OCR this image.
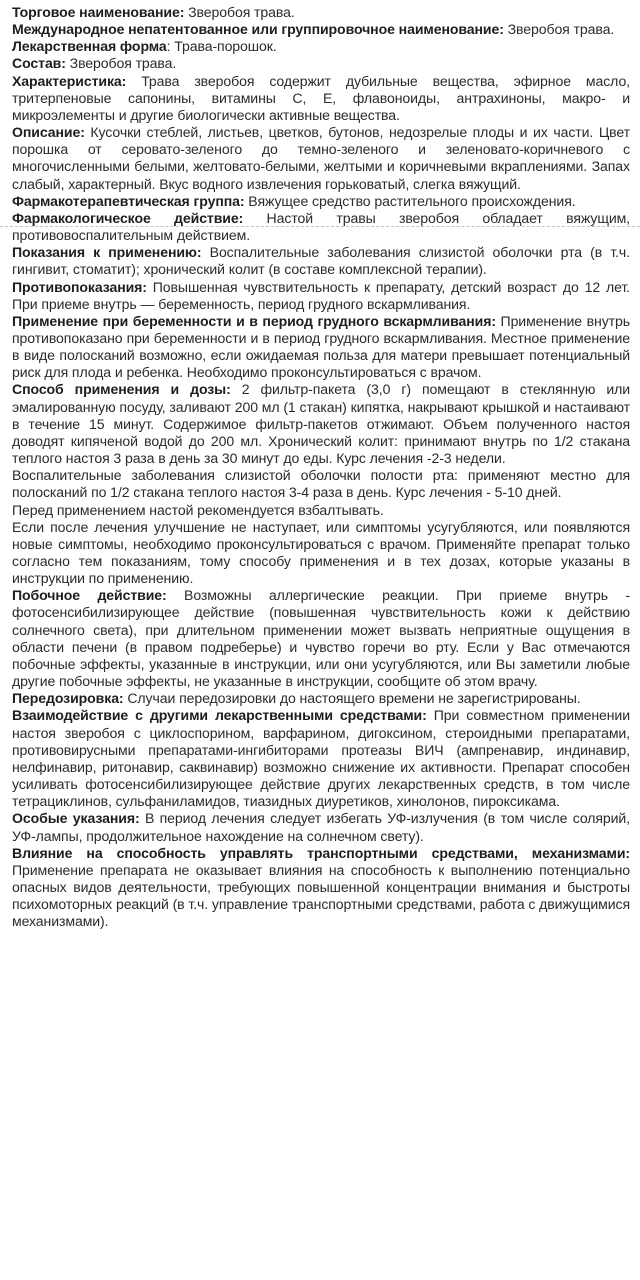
Торговое наименование: Зверобоя трава.

Международное непатентованное или группировочное наименование: Зверобоя трава.

Лекарственная форма: Трава-порошок.

Состав: Зверобоя трава.

Характеристика: Трава зверобоя содержит дубильные вещества, эфирное масло, тритерпеновые сапонины, витамины С, Е, флавоноиды, антрахиноны, макро- и микроэлементы и другие биологически активные вещества.

Описание: Кусочки стеблей, листьев, цветков, бутонов, недозрелые плоды и их части. Цвет порошка от серовато-зеленого до темно-зеленого и зеленовато-коричневого с многочисленными белыми, желтовато-белыми, желтыми и коричневыми вкраплениями. Запах слабый, характерный. Вкус водного извлечения горьковатый, слегка вяжущий.

Фармакотерапевтическая группа: Вяжущее средство растительного происхождения.

Фармакологическое действие: Настой травы зверобоя обладает вяжущим, противовоспалительным действием.

Показания к применению: Воспалительные заболевания слизистой оболочки рта (в т.ч. гингивит, стоматит); хронический колит (в составе комплексной терапии).

Противопоказания: Повышенная чувствительность к препарату, детский возраст до 12 лет. При приеме внутрь — беременность, период грудного вскармливания.

Применение при беременности и в период грудного вскармливания: Применение внутрь противопоказано при беременности и в период грудного вскармливания. Местное применение в виде полосканий возможно, если ожидаемая польза для матери превышает потенциальный риск для плода и ребенка. Необходимо проконсультироваться с врачом.

Способ применения и дозы: 2 фильтр-пакета (3,0 г) помещают в стеклянную или эмалированную посуду, заливают 200 мл (1 стакан) кипятка, накрывают крышкой и настаивают в течение 15 минут. Содержимое фильтр-пакетов отжимают. Объем полученного настоя доводят кипяченой водой до 200 мл. Хронический колит: принимают внутрь по 1/2 стакана теплого настоя 3 раза в день за 30 минут до еды. Курс лечения -2-3 недели.

Воспалительные заболевания слизистой оболочки полости рта: применяют местно для полосканий по 1/2 стакана теплого настоя 3-4 раза в день. Курс лечения - 5-10 дней.

Перед применением настой рекомендуется взбалтывать.

Если после лечения улучшение не наступает, или симптомы усугубляются, или появляются новые симптомы, необходимо проконсультироваться с врачом. Применяйте препарат только согласно тем показаниям, тому способу применения и в тех дозах, которые указаны в инструкции по применению.

Побочное действие: Возможны аллергические реакции. При приеме внутрь - фотосенсибилизирующее действие (повышенная чувствительность кожи к действию солнечного света), при длительном применении может вызвать неприятные ощущения в области печени (в правом подреберье) и чувство горечи во рту. Если у Вас отмечаются побочные эффекты, указанные в инструкции, или они усугубляются, или Вы заметили любые другие побочные эффекты, не указанные в инструкции, сообщите об этом врачу.

Передозировка: Случаи передозировки до настоящего времени не зарегистрированы.

Взаимодействие с другими лекарственными средствами: При совместном применении настоя зверобоя с циклоспорином, варфарином, дигоксином, стероидными препаратами, противовирусными препаратами-ингибиторами протеазы ВИЧ (ампренавир, индинавир, нелфинавир, ритонавир, саквинавир) возможно снижение их активности. Препарат способен усиливать фотосенсибилизирующее действие других лекарственных средств, в том числе тетрациклинов, сульфаниламидов, тиазидных диуретиков, хинолонов, пироксикама.

Особые указания: В период лечения следует избегать УФ-излучения (в том числе солярий, УФ-лампы, продолжительное нахождение на солнечном свету).

Влияние на способность управлять транспортными средствами, механизмами: Применение препарата не оказывает влияния на способность к выполнению потенциально опасных видов деятельности, требующих повышенной концентрации внимания и быстроты психомоторных реакций (в т.ч. управление транспортными средствами, работа с движущимися механизмами).
